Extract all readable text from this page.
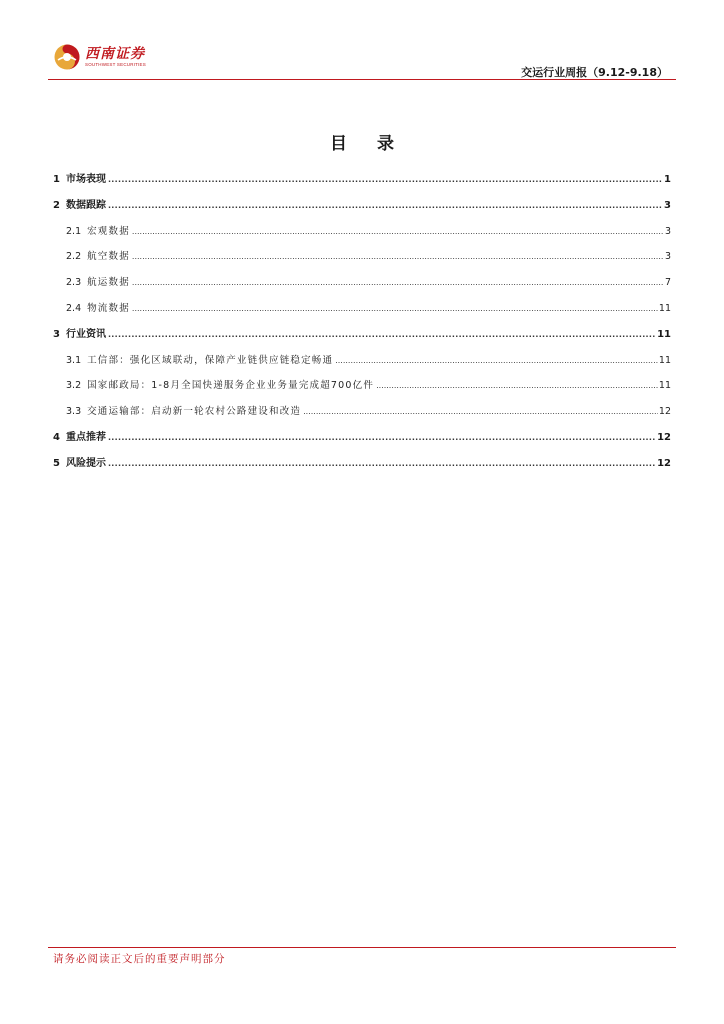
西南证券
SOUTHWEST SECURITIES
交运行业周报（9.12-9.18）
目 录
1 市场表现 .....	1
2 数据跟踪 .....	3
2.1 宏观数据 .....	3
2.2 航空数据 .....	3
2.3 航运数据 .....	7
2.4 物流数据 .....	11
3 行业资讯 .....	11
3.1 工信部：强化区域联动，保障产业链供应链稳定畅通 .....	11
3.2 国家邮政局：1-8月全国快递服务企业业务量完成超700亿件 .....	11
3.3 交通运输部：启动新一轮农村公路建设和改造 .....	12
4 重点推荐 .....	12
5 风险提示 .....	12
请务必阅读正文后的重要声明部分
